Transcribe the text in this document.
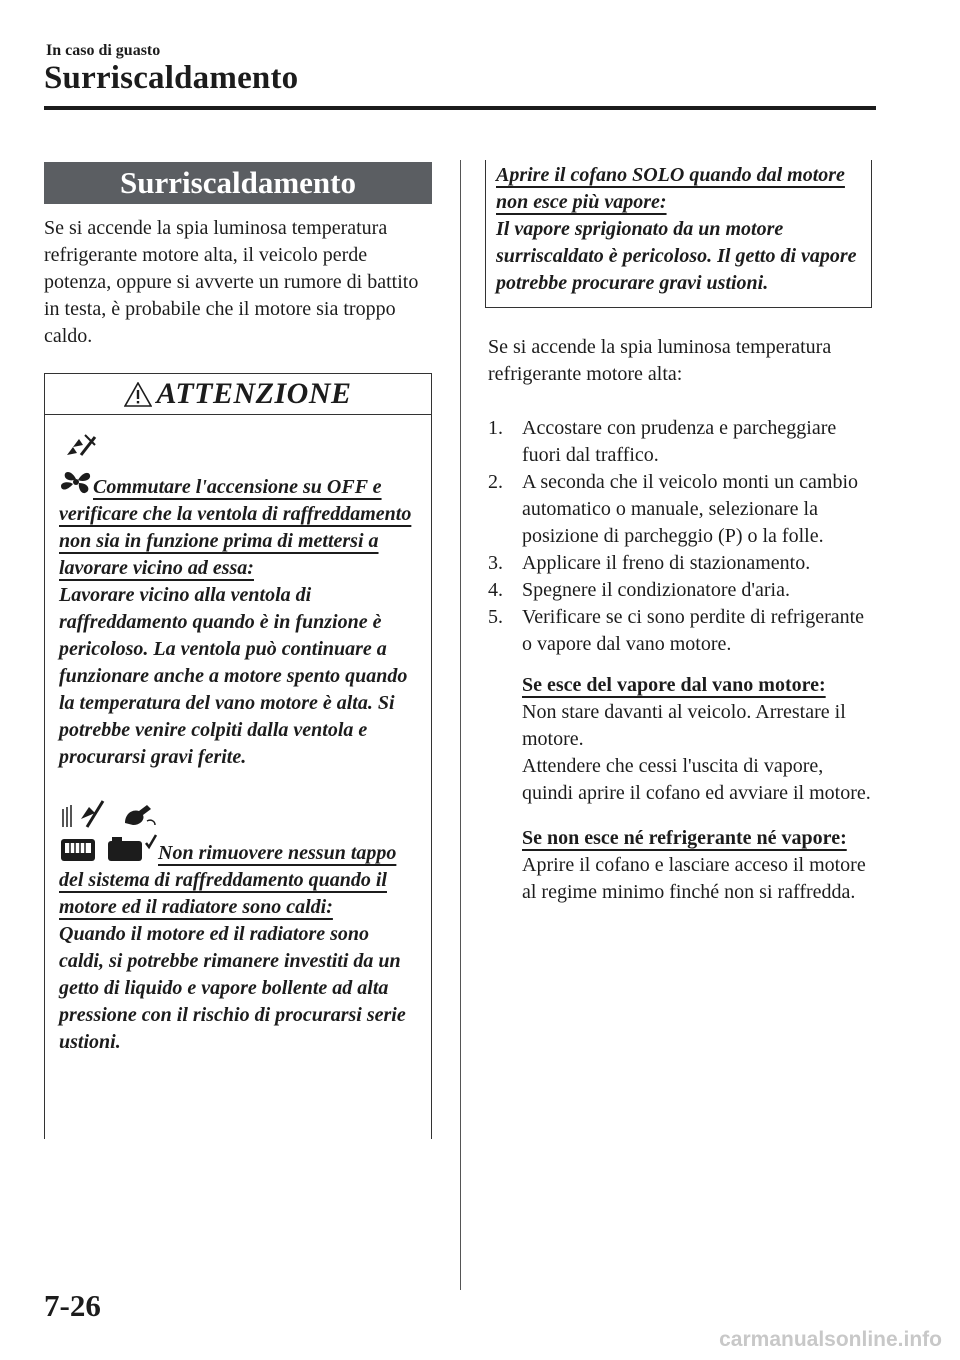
In caso di guasto
Surriscaldamento
Surriscaldamento
Se si accende la spia luminosa temperatura refrigerante motore alta, il veicolo perde potenza, oppure si avverte un rumore di battito in testa, è probabile che il motore sia troppo caldo.
ATTENZIONE
Commutare l'accensione su OFF e verificare che la ventola di raffreddamento non sia in funzione prima di mettersi a lavorare vicino ad essa:
Lavorare vicino alla ventola di raffreddamento quando è in funzione è pericoloso. La ventola può continuare a funzionare anche a motore spento quando la temperatura del vano motore è alta. Si potrebbe venire colpiti dalla ventola e procurarsi gravi ferite.
Non rimuovere nessun tappo del sistema di raffreddamento quando il motore ed il radiatore sono caldi:
Quando il motore ed il radiatore sono caldi, si potrebbe rimanere investiti da un getto di liquido e vapore bollente ad alta pressione con il rischio di procurarsi serie ustioni.
Aprire il cofano SOLO quando dal motore non esce più vapore:
Il vapore sprigionato da un motore surriscaldato è pericoloso. Il getto di vapore potrebbe procurare gravi ustioni.
Se si accende la spia luminosa temperatura refrigerante motore alta:
1. Accostare con prudenza e parcheggiare fuori dal traffico.
2. A seconda che il veicolo monti un cambio automatico o manuale, selezionare la posizione di parcheggio (P) o la folle.
3. Applicare il freno di stazionamento.
4. Spegnere il condizionatore d'aria.
5. Verificare se ci sono perdite di refrigerante o vapore dal vano motore.
Se esce del vapore dal vano motore:
Non stare davanti al veicolo. Arrestare il motore.
Attendere che cessi l'uscita di vapore, quindi aprire il cofano ed avviare il motore.
Se non esce né refrigerante né vapore:
Aprire il cofano e lasciare acceso il motore al regime minimo finché non si raffredda.
7-26
carmanualsonline.info
